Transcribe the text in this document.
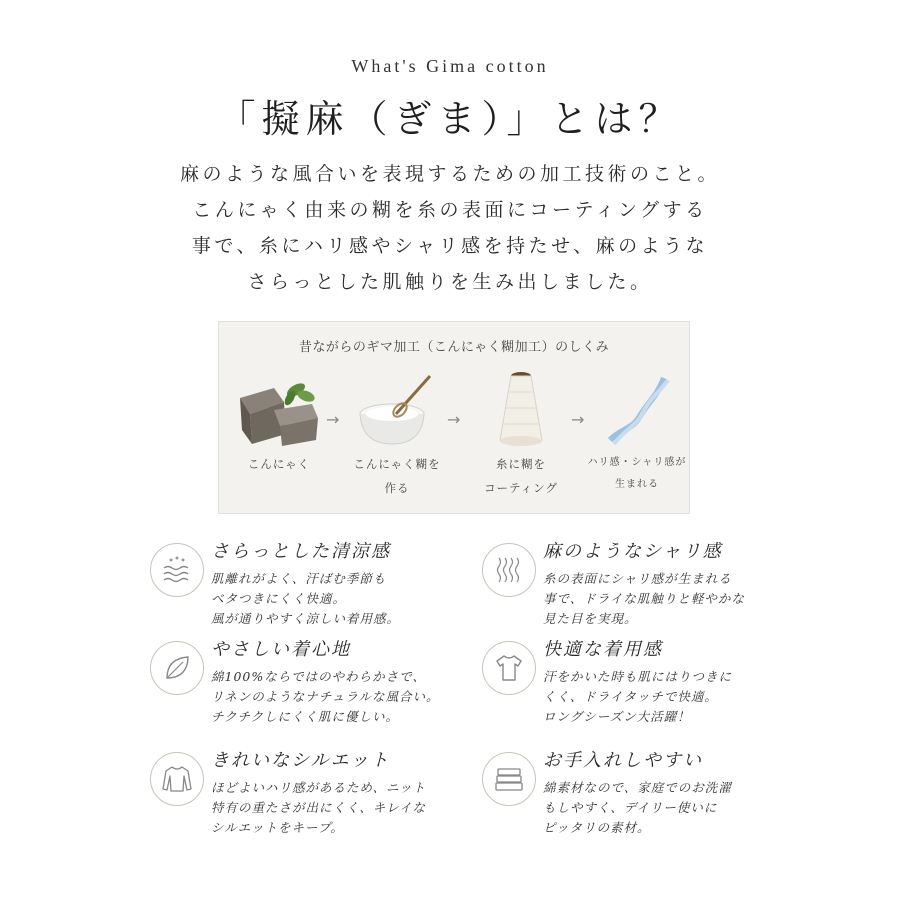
What's Gima cotton
「擬麻（ぎま）」とは？
麻のような風合いを表現するための加工技術のこと。
こんにゃく由来の糊を糸の表面にコーティングする
事で、糸にハリ感やシャリ感を持たせ、麻のような
さらっとした肌触りを生み出しました。
昔ながらのギマ加工（こんにゃく糊加工）のしくみ
こんにゃく
→
こんにゃく糊を
作る
→
糸に糊を
コーティング
→
ハリ感・シャリ感が
生まれる
さらっとした清涼感
肌離れがよく、汗ばむ季節も
ベタつきにくく快適。
風が通りやすく涼しい着用感。
麻のようなシャリ感
糸の表面にシャリ感が生まれる
事で、ドライな肌触りと軽やかな
見た目を実現。
やさしい着心地
綿100%ならではのやわらかさで、
リネンのようなナチュラルな風合い。
チクチクしにくく肌に優しい。
快適な着用感
汗をかいた時も肌にはりつきに
くく、ドライタッチで快適。
ロングシーズン大活躍！
きれいなシルエット
ほどよいハリ感があるため、ニット
特有の重たさが出にくく、キレイな
シルエットをキープ。
お手入れしやすい
綿素材なので、家庭でのお洗濯
もしやすく、デイリー使いに
ピッタリの素材。
